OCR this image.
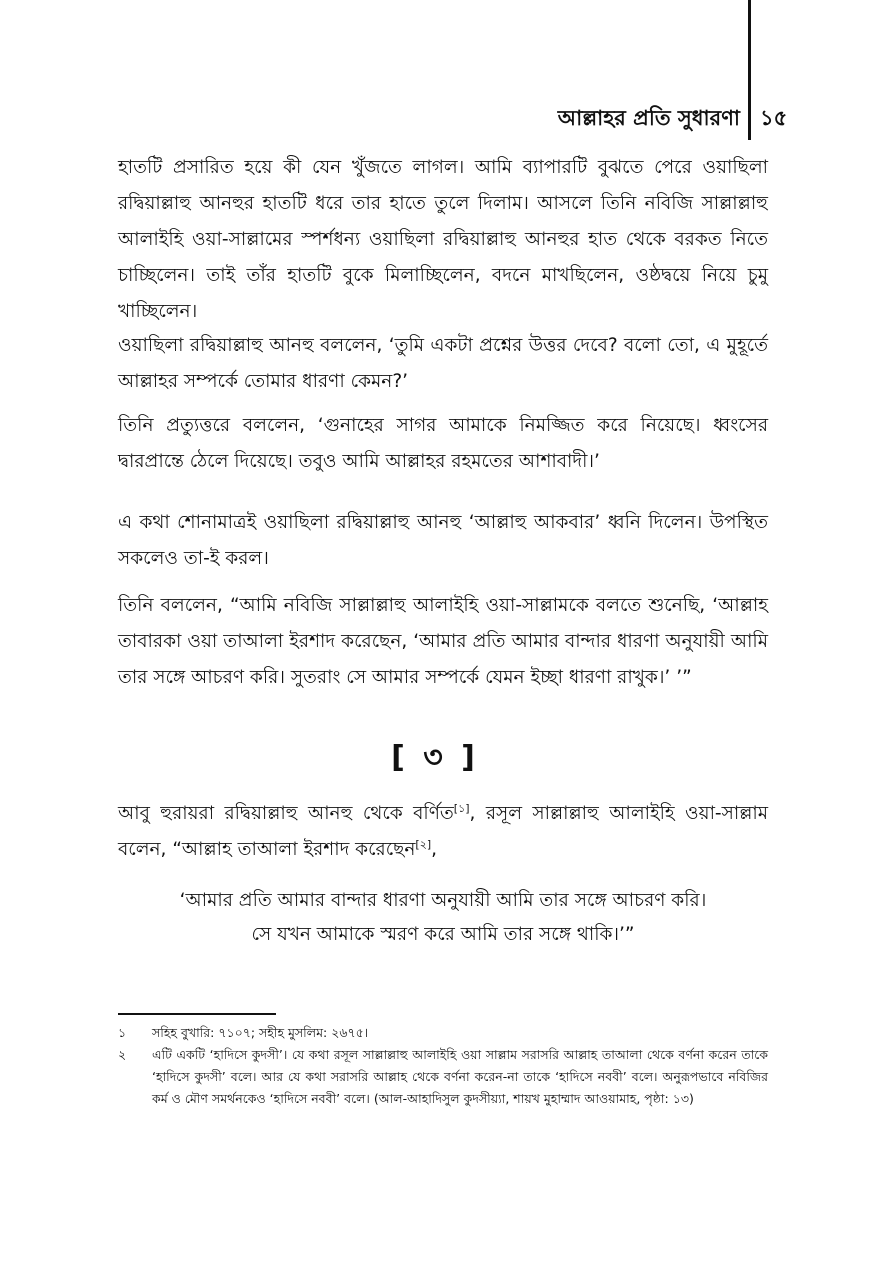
আল্লাহর প্রতি সুধারণা ১৫

হাতটি প্রসারিত হয়ে কী যেন খুঁজতে লাগল। আমি ব্যাপারটি বুঝতে পেরে ওয়াছিলা রদ্বিয়াল্লাহু আনহুর হাতটি ধরে তার হাতে তুলে দিলাম। আসলে তিনি নবিজি সাল্লাল্লাহু আলাইহি ওয়া-সাল্লামের স্পর্শধন্য ওয়াছিলা রদ্বিয়াল্লাহু আনহুর হাত থেকে বরকত নিতে চাচ্ছিলেন। তাই তাঁর হাতটি বুকে মিলাচ্ছিলেন, বদনে মাখছিলেন, ওষ্ঠদ্বয়ে নিয়ে চুমু খাচ্ছিলেন।

ওয়াছিলা রদ্বিয়াল্লাহু আনহু বললেন, ‘তুমি একটা প্রশ্নের উত্তর দেবে? বলো তো, এ মুহূর্তে আল্লাহর সম্পর্কে তোমার ধারণা কেমন?’

তিনি প্রত্যুত্তরে বললেন, ‘গুনাহের সাগর আমাকে নিমজ্জিত করে নিয়েছে। ধ্বংসের দ্বারপ্রান্তে ঠেলে দিয়েছে। তবুও আমি আল্লাহর রহমতের আশাবাদী।’

এ কথা শোনামাত্রই ওয়াছিলা রদ্বিয়াল্লাহু আনহু ‘আল্লাহু আকবার’ ধ্বনি দিলেন। উপস্থিত সকলেও তা-ই করল।

তিনি বললেন, “আমি নবিজি সাল্লাল্লাহু আলাইহি ওয়া-সাল্লামকে বলতে শুনেছি, ‘আল্লাহ তাবারকা ওয়া তাআলা ইরশাদ করেছেন, ‘আমার প্রতি আমার বান্দার ধারণা অনুযায়ী আমি তার সঙ্গে আচরণ করি। সুতরাং সে আমার সম্পর্কে যেমন ইচ্ছা ধারণা রাখুক।’ ’”

[ ৩ ]

আবু হুরায়রা রদ্বিয়াল্লাহু আনহু থেকে বর্ণিত[১], রসূল সাল্লাল্লাহু আলাইহি ওয়া-সাল্লাম বলেন, “আল্লাহ তাআলা ইরশাদ করেছেন[২],

‘আমার প্রতি আমার বান্দার ধারণা অনুযায়ী আমি তার সঙ্গে আচরণ করি।
সে যখন আমাকে স্মরণ করে আমি তার সঙ্গে থাকি।’”

১ সহিহ বুখারি: ৭১০৭; সহীহ মুসলিম: ২৬৭৫।

২ এটি একটি ‘হাদিসে কুদসী’। যে কথা রসূল সাল্লাল্লাহু আলাইহি ওয়া সাল্লাম সরাসরি আল্লাহ তাআলা থেকে বর্ণনা করেন তাকে ‘হাদিসে কুদসী’ বলে। আর যে কথা সরাসরি আল্লাহ থেকে বর্ণনা করেন-না তাকে ‘হাদিসে নববী’ বলে। অনুরূপভাবে নবিজির কর্ম ও মৌণ সমর্থনকেও ‘হাদিসে নববী’ বলে। (আল-আহাদিসুল কুদসীয়্যা, শায়খ মুহাম্মাদ আওয়ামাহ, পৃষ্ঠা: ১৩)
